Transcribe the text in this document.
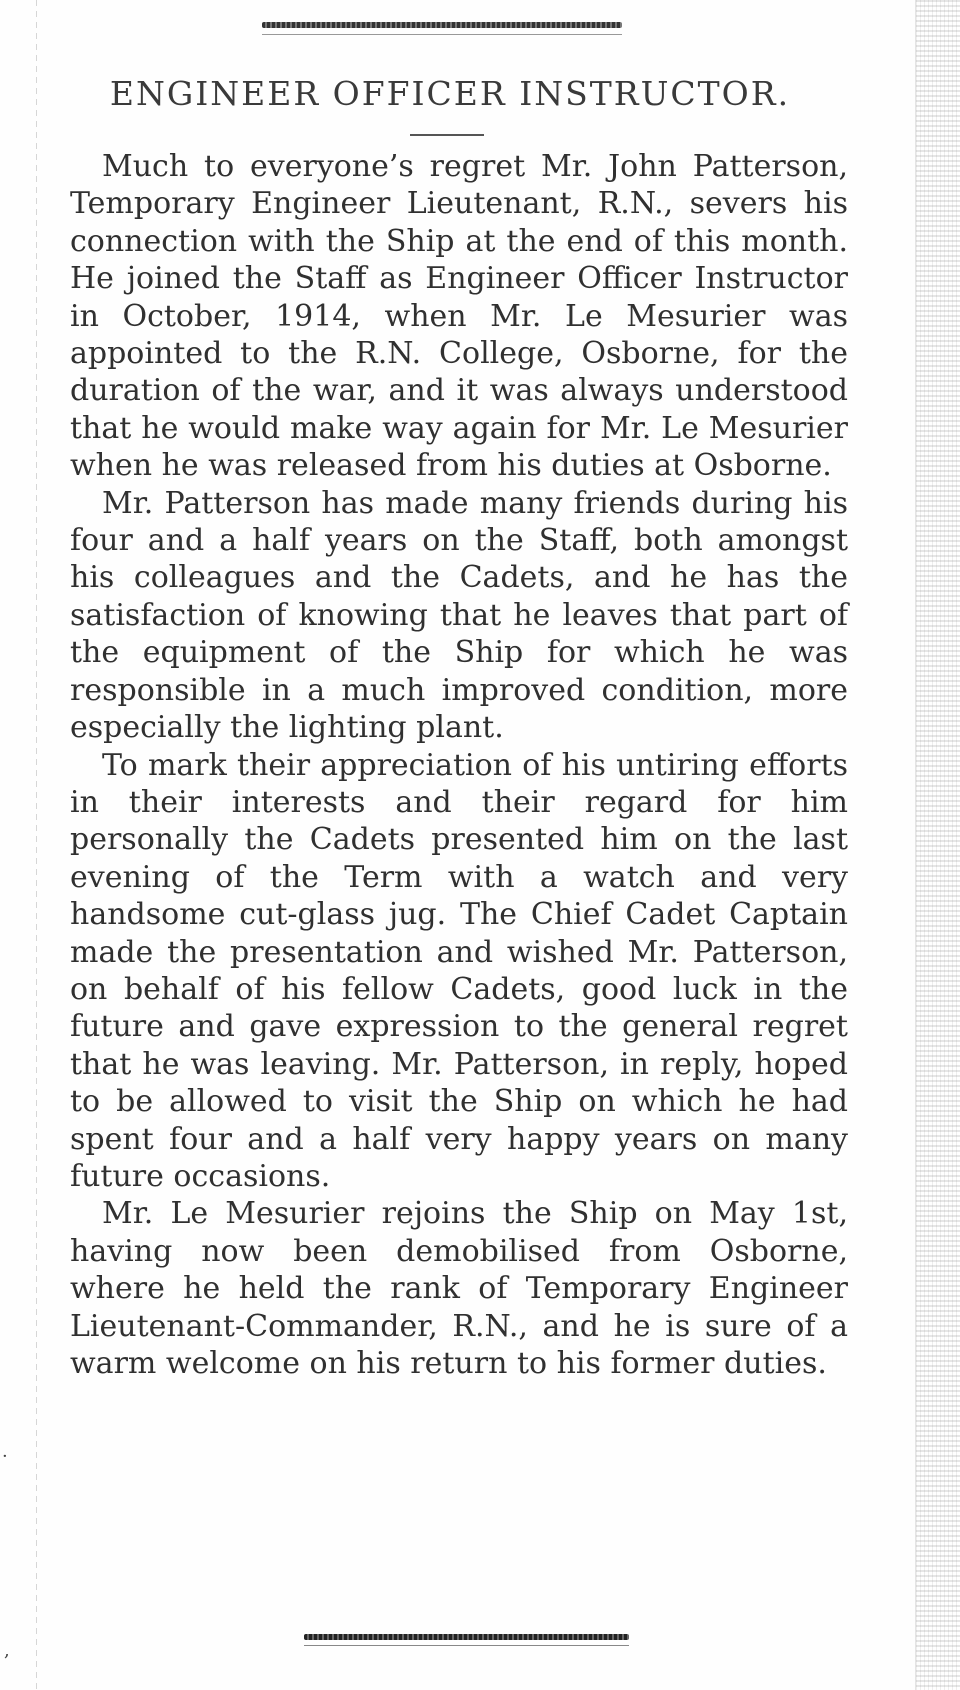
ENGINEER OFFICER INSTRUCTOR.

Much to everyone’s regret Mr. John Patterson, Temporary Engineer Lieutenant, R.N., severs his connection with the Ship at the end of this month. He joined the Staff as Engineer Officer Instructor in October, 1914, when Mr. Le Mesurier was appointed to the R.N. College, Osborne, for the duration of the war, and it was always understood that he would make way again for Mr. Le Mesurier when he was released from his duties at Osborne.

Mr. Patterson has made many friends during his four and a half years on the Staff, both amongst his colleagues and the Cadets, and he has the satisfaction of knowing that he leaves that part of the equipment of the Ship for which he was responsible in a much improved condition, more especially the lighting plant.

To mark their appreciation of his untiring efforts in their interests and their regard for him personally the Cadets presented him on the last evening of the Term with a watch and very handsome cut-glass jug. The Chief Cadet Captain made the presentation and wished Mr. Patterson, on behalf of his fellow Cadets, good luck in the future and gave expression to the general regret that he was leaving. Mr. Patterson, in reply, hoped to be allowed to visit the Ship on which he had spent four and a half very happy years on many future occasions.

Mr. Le Mesurier rejoins the Ship on May 1st, having now been demobilised from Osborne, where he held the rank of Temporary Engineer Lieutenant-Commander, R.N., and he is sure of a warm welcome on his return to his former duties.

·
,
